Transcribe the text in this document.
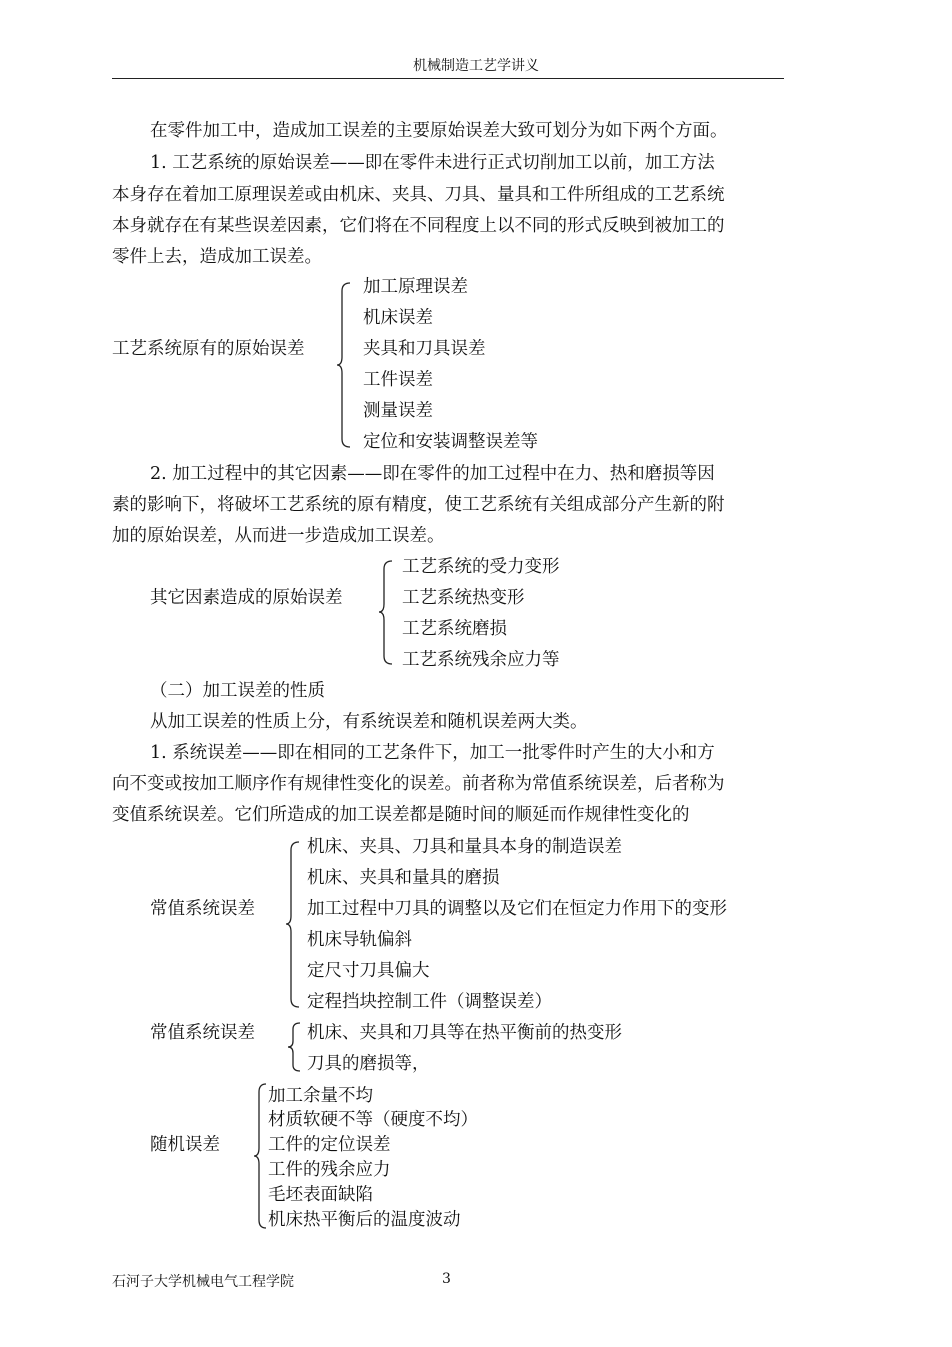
机械制造工艺学讲义
在零件加工中，造成加工误差的主要原始误差大致可划分为如下两个方面。
1. 工艺系统的原始误差——即在零件未进行正式切削加工以前，加工方法
本身存在着加工原理误差或由机床、夹具、刀具、量具和工件所组成的工艺系统
本身就存在有某些误差因素，它们将在不同程度上以不同的形式反映到被加工的
零件上去，造成加工误差。
工艺系统原有的原始误差
加工原理误差
机床误差
夹具和刀具误差
工件误差
测量误差
定位和安装调整误差等
2. 加工过程中的其它因素——即在零件的加工过程中在力、热和磨损等因
素的影响下，将破坏工艺系统的原有精度，使工艺系统有关组成部分产生新的附
加的原始误差，从而进一步造成加工误差。
其它因素造成的原始误差
工艺系统的受力变形
工艺系统热变形
工艺系统磨损
工艺系统残余应力等
（二）加工误差的性质
从加工误差的性质上分，有系统误差和随机误差两大类。
1. 系统误差——即在相同的工艺条件下，加工一批零件时产生的大小和方
向不变或按加工顺序作有规律性变化的误差。前者称为常值系统误差，后者称为
变值系统误差。它们所造成的加工误差都是随时间的顺延而作规律性变化的
常值系统误差
机床、夹具、刀具和量具本身的制造误差
机床、夹具和量具的磨损
加工过程中刀具的调整以及它们在恒定力作用下的变形
机床导轨偏斜
定尺寸刀具偏大
定程挡块控制工件（调整误差）
常值系统误差	机床、夹具和刀具等在热平衡前的热变形
刀具的磨损等，
随机误差
加工余量不均
材质软硬不等（硬度不均）
工件的定位误差
工件的残余应力
毛坯表面缺陷
机床热平衡后的温度波动
石河子大学机械电气工程学院	3
